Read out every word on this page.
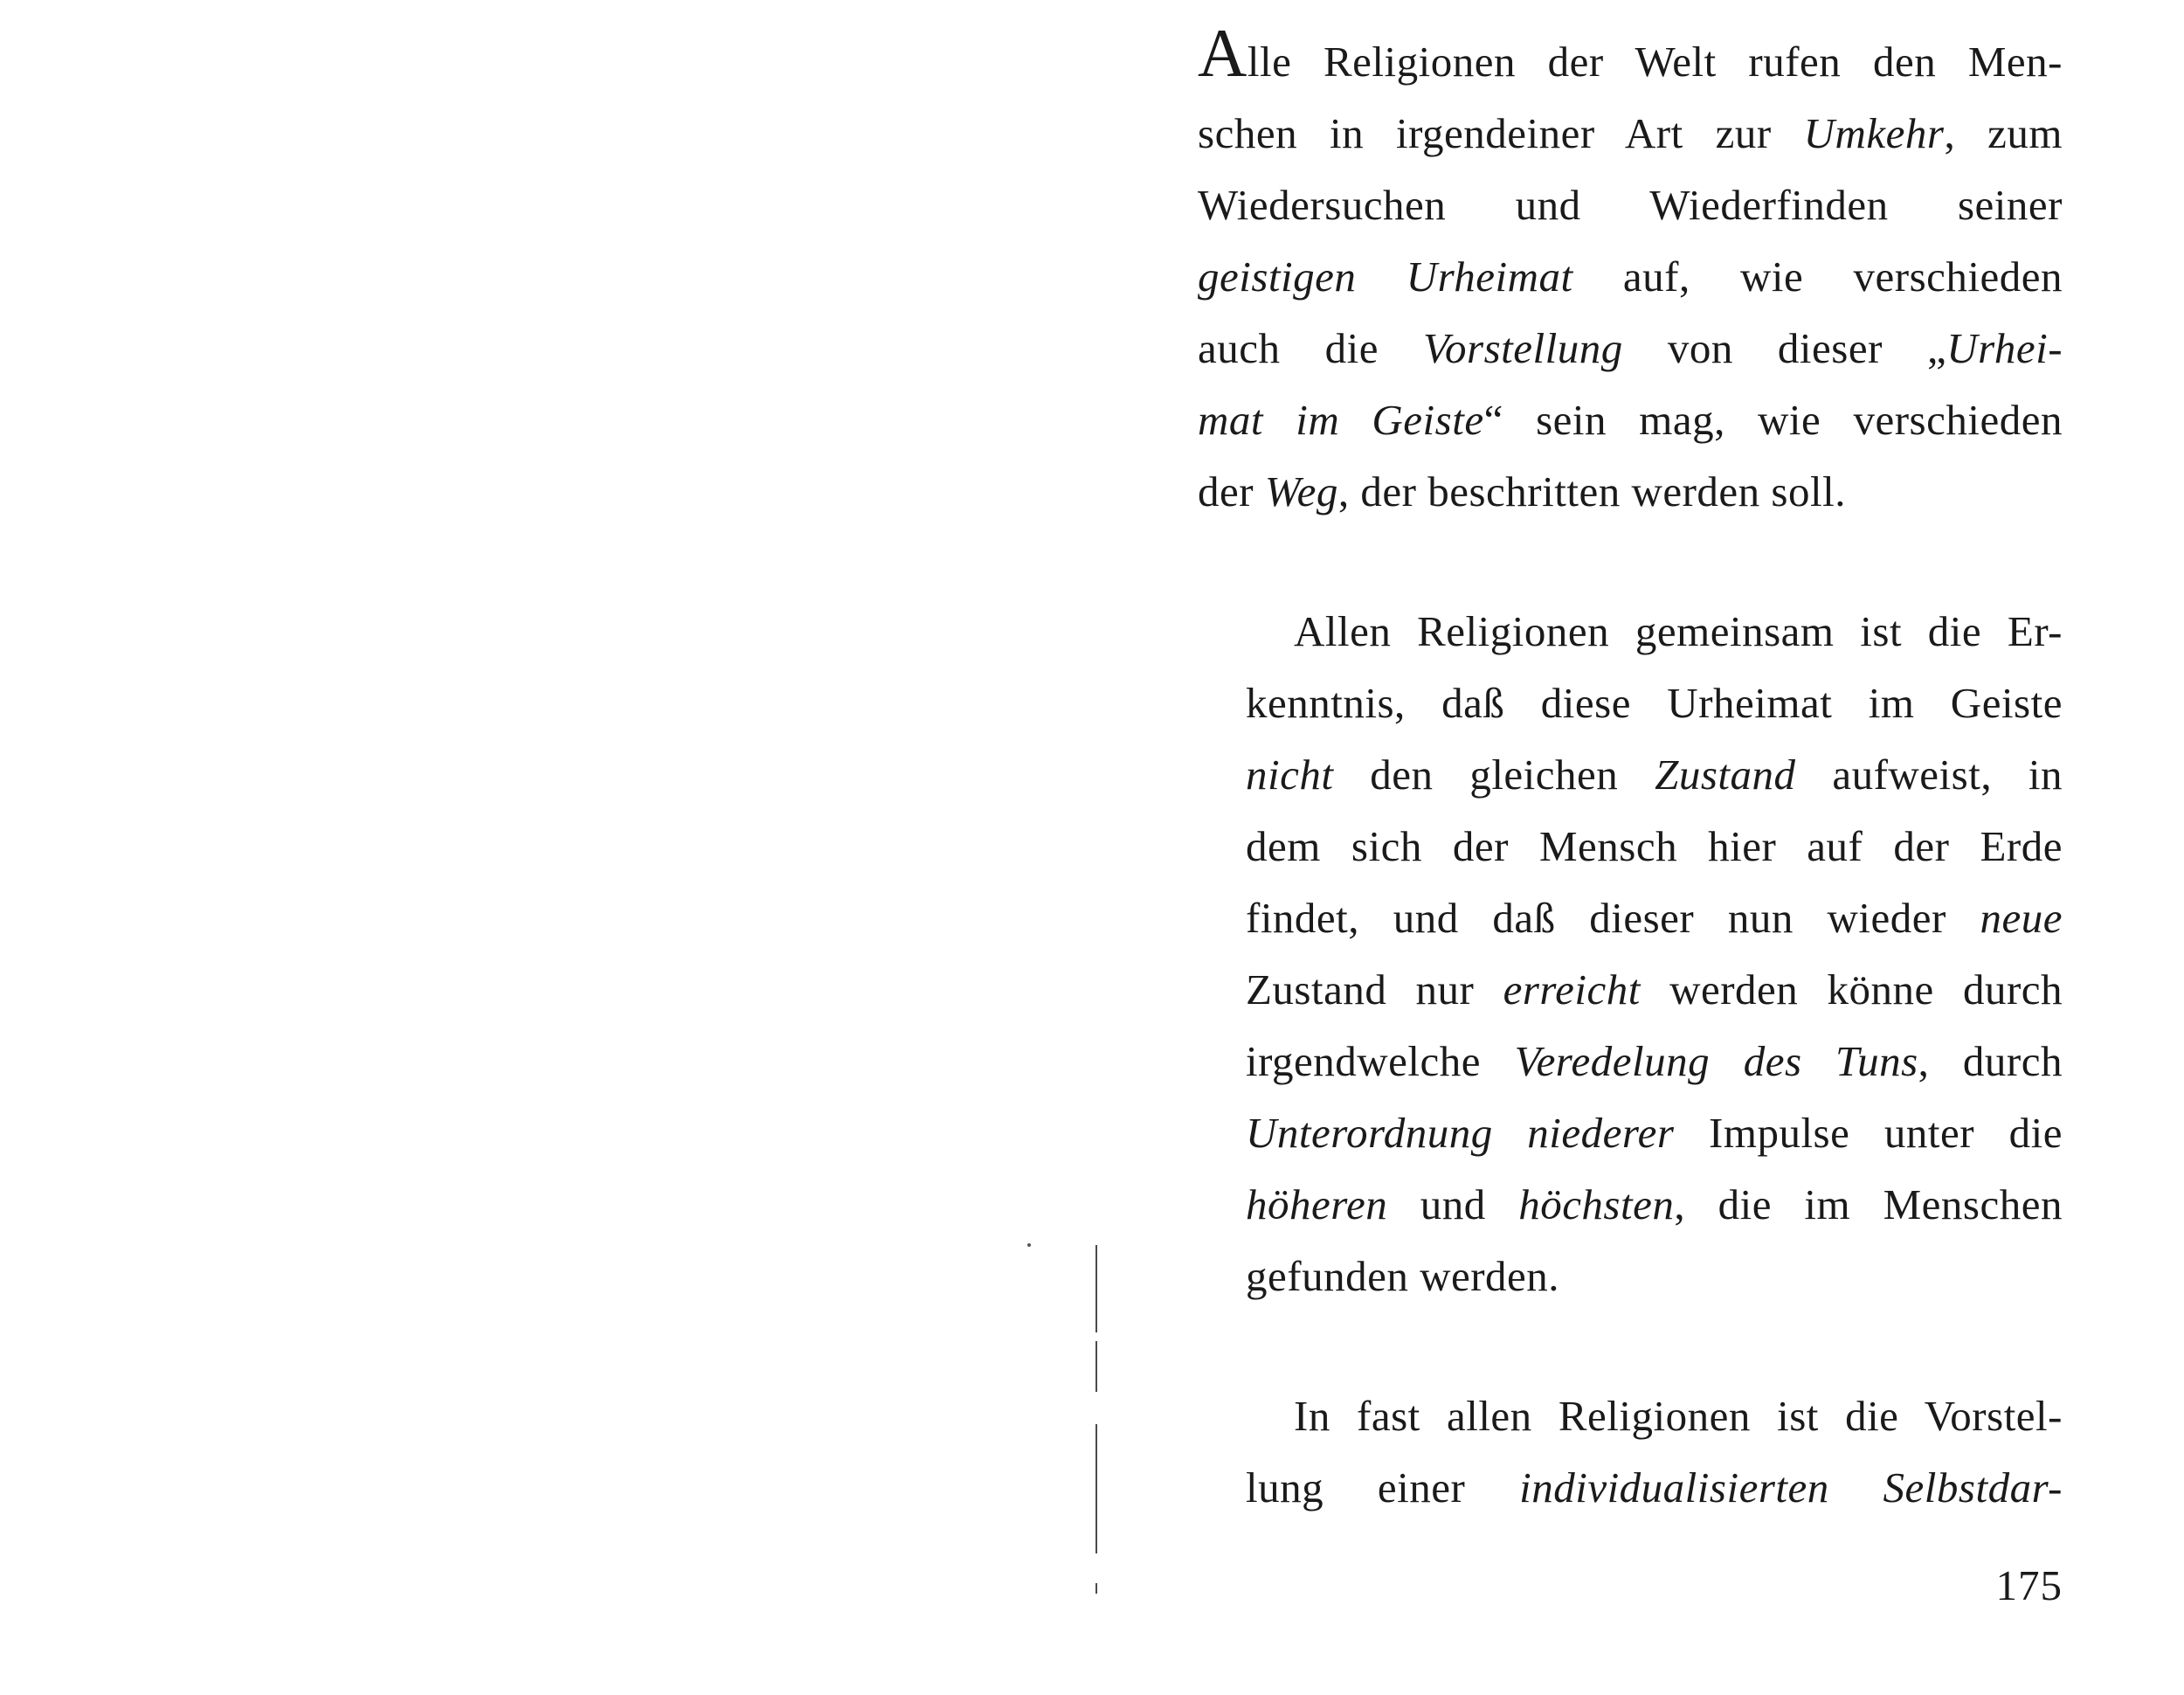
Alle Religionen der Welt rufen den Men-
schen in irgendeiner Art zur Umkehr, zum
Wiedersuchen und Wiederfinden seiner
geistigen Urheimat auf, wie verschieden
auch die Vorstellung von dieser „Urhei-
mat im Geiste“ sein mag, wie verschieden
der Weg, der beschritten werden soll.

Allen Religionen gemeinsam ist die Er-
kenntnis, daß diese Urheimat im Geiste
nicht den gleichen Zustand aufweist, in
dem sich der Mensch hier auf der Erde
findet, und daß dieser nun wieder neue
Zustand nur erreicht werden könne durch
irgendwelche Veredelung des Tuns, durch
Unterordnung niederer Impulse unter die
höheren und höchsten, die im Menschen
gefunden werden.

In fast allen Religionen ist die Vorstel-
lung einer individualisierten Selbstdar-

175
